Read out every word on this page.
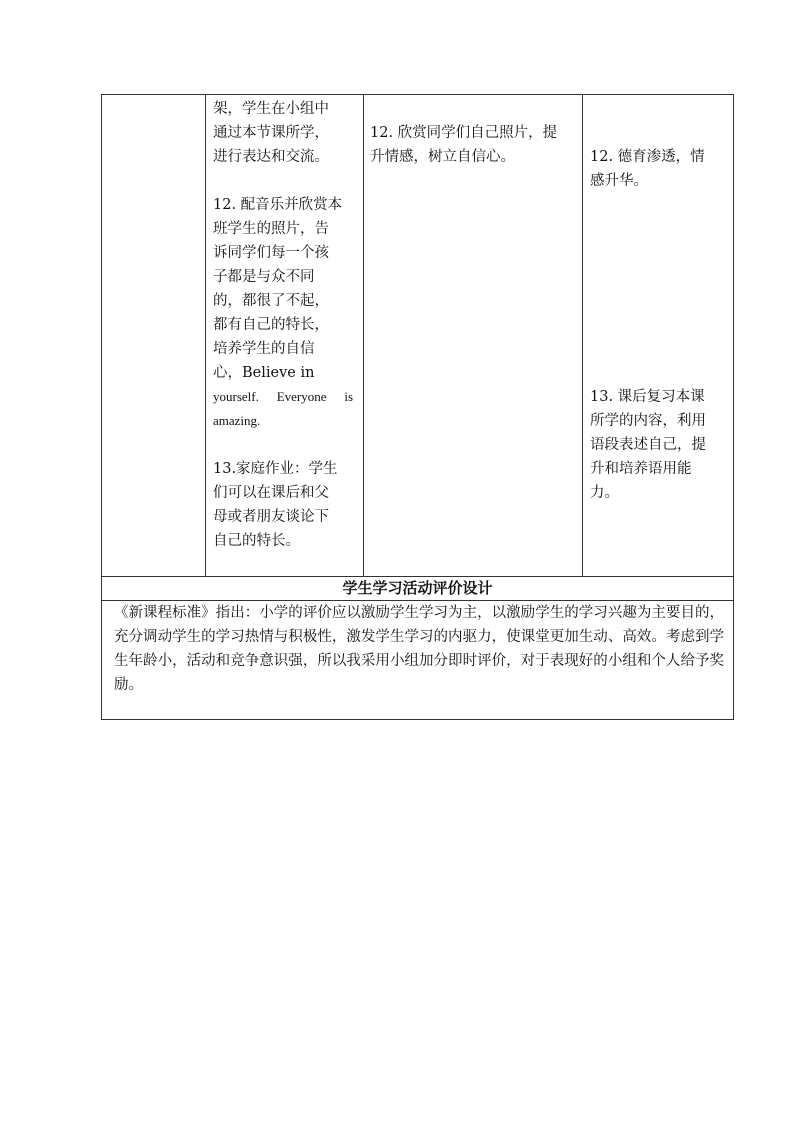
架，学生在小组中

通过本节课所学，

进行表达和交流。

12. 配音乐并欣赏本

班学生的照片，告

诉同学们每一个孩

子都是与众不同

的，都很了不起，

都有自己的特长，

培养学生的自信

心，Believe in

yourself. Everyone is

amazing.

13.家庭作业：学生

们可以在课后和父

母或者朋友谈论下

自己的特长。

12. 欣赏同学们自己照片，提

升情感，树立自信心。	12. 德育渗透，情

感升华。

13. 课后复习本课

所学的内容，利用

语段表述自己，提

升和培养语用能

力。

学生学习活动评价设计
《新课程标准》指出：小学的评价应以激励学生学习为主，以激励学生的学习兴趣为主要目的，充分调动学生的学习热情与积极性，激发学生学习的内驱力，使课堂更加生动、高效。考虑到学生年龄小，活动和竞争意识强，所以我采用小组加分即时评价，对于表现好的小组和个人给予奖励。
